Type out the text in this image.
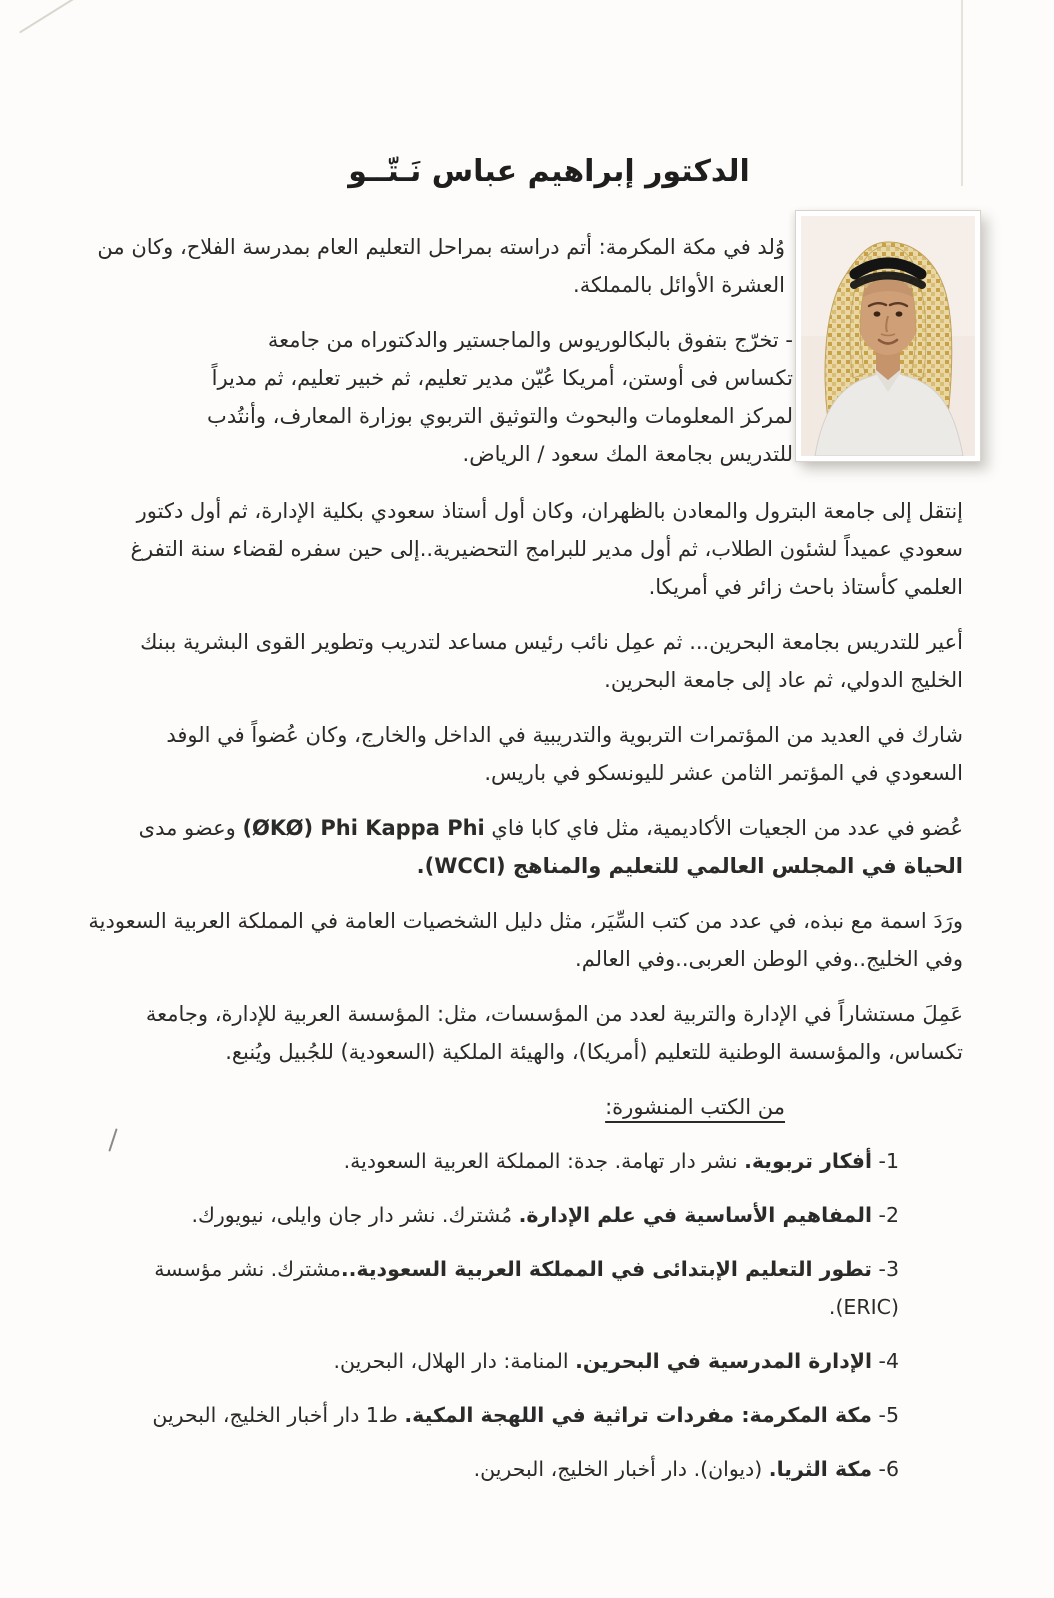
الدكتور إبراهيم عباس نَـتّــو

وُلد في مكة المكرمة: أتم دراسته بمراحل التعليم العام بمدرسة الفلاح، وكان من العشرة الأوائل بالمملكة.

- تخرّج بتفوق بالبكالوريوس والماجستير والدكتوراه من جامعة تكساس فى أوستن، أمريكا عُيّن مدير تعليم، ثم خبير تعليم، ثم مديراً لمركز المعلومات والبحوث والتوثيق التربوي بوزارة المعارف، وأنتُدب للتدريس بجامعة المك سعود / الرياض.

إنتقل إلى جامعة البترول والمعادن بالظهران، وكان أول أستاذ سعودي بكلية الإدارة، ثم أول دكتور سعودي عميداً لشئون الطلاب، ثم أول مدير للبرامج التحضيرية..إلى حين سفره لقضاء سنة التفرغ العلمي كأستاذ باحث زائر في أمريكا.

أعير للتدريس بجامعة البحرين... ثم عمِل نائب رئيس مساعد لتدريب وتطوير القوى البشرية ببنك الخليج الدولي، ثم عاد إلى جامعة البحرين.

شارك في العديد من المؤتمرات التربوية والتدريبية في الداخل والخارج، وكان عُضواً في الوفد السعودي في المؤتمر الثامن عشر لليونسكو في باريس.

عُضو في عدد من الجعيات الأكاديمية، مثل فاي كابا فاي (ØKØ) Phi Kappa Phi وعضو مدى الحياة في المجلس العالمي للتعليم والمناهج (WCCI).

ورَدَ اسمة مع نبذه، في عدد من كتب السِّيَر، مثل دليل الشخصيات العامة في المملكة العربية السعودية وفي الخليج..وفي الوطن العربى..وفي العالم.

عَمِلَ مستشاراً في الإدارة والتربية لعدد من المؤسسات، مثل: المؤسسة العربية للإدارة، وجامعة تكساس، والمؤسسة الوطنية للتعليم (أمريكا)، والهيئة الملكية (السعودية) للجُبيل ويُنبع.

من الكتب المنشورة:

1- أفكار تربوية. نشر دار تهامة. جدة: المملكة العربية السعودية.

2- المفاهيم الأساسية في علم الإدارة. مُشترك. نشر دار جان وايلى، نيويورك.

3- تطور التعليم الإبتدائى في المملكة العربية السعودية..مشترك. نشر مؤسسة ‪(ERIC)‬.

4- الإدارة المدرسية في البحرين. المنامة: دار الهلال، البحرين.

5- مكة المكرمة: مفردات تراثية في اللهجة المكية. ط1 دار أخبار الخليج، البحرين

6- مكة الثريا. (ديوان). دار أخبار الخليج، البحرين.
